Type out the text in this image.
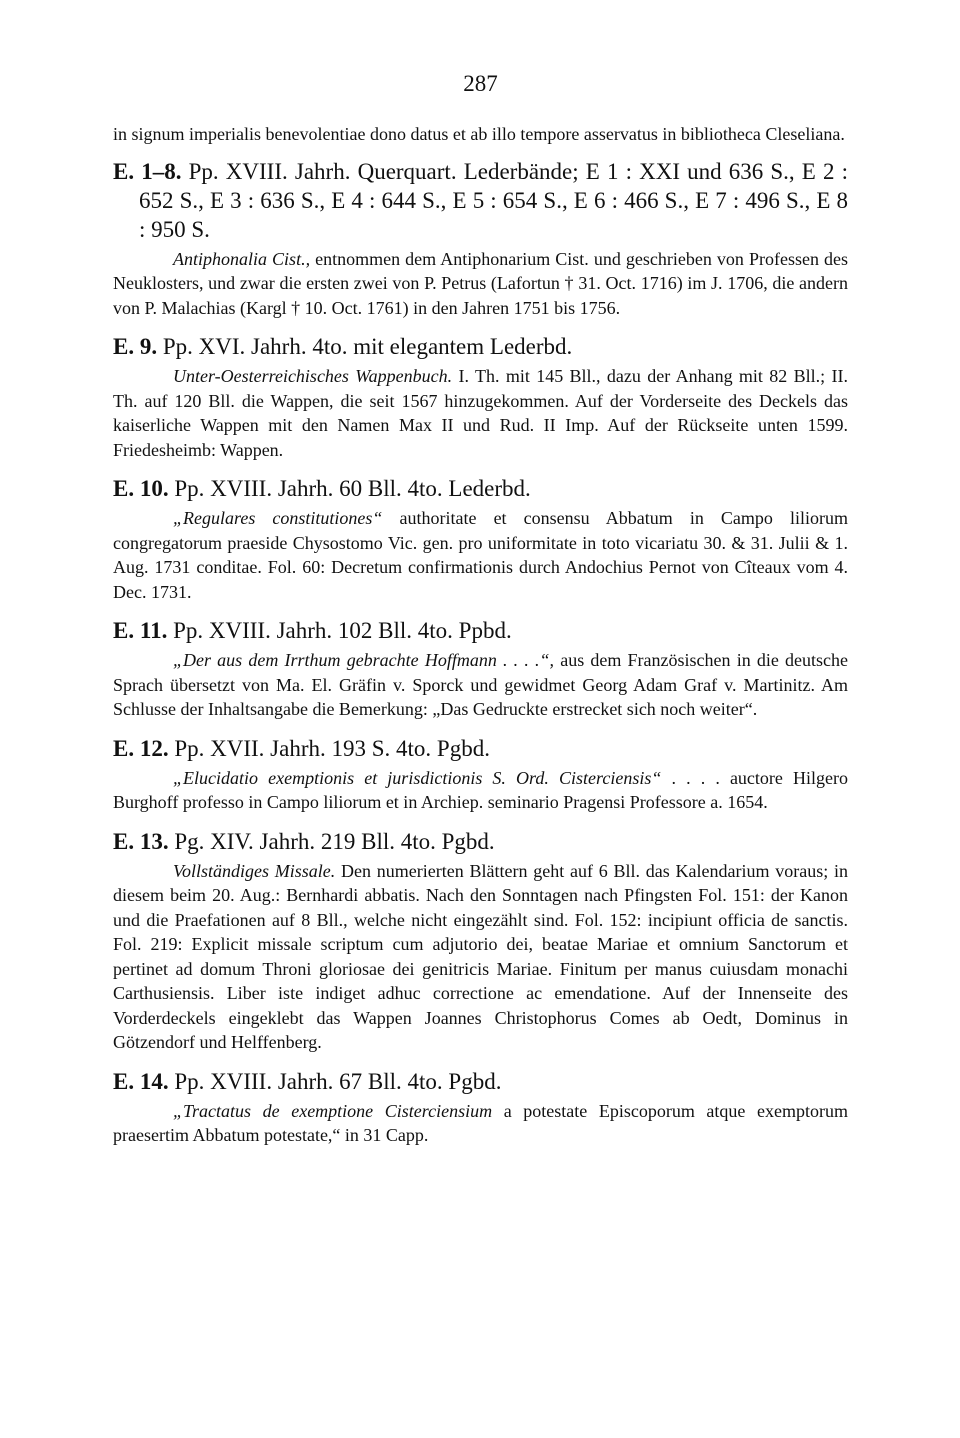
287

in signum imperialis benevolentiae dono datus et ab illo tempore asservatus in bibliotheca Cleseliana.

E. 1–8. Pp. XVIII. Jahrh. Querquart. Lederbände; E 1 : XXI und 636 S., E 2 : 652 S., E 3 : 636 S., E 4 : 644 S., E 5 : 654 S., E 6 : 466 S., E 7 : 496 S., E 8 : 950 S.

Antiphonalia Cist., entnommen dem Antiphonarium Cist. und geschrieben von Professen des Neuklosters, und zwar die ersten zwei von P. Petrus (Lafortun † 31. Oct. 1716) im J. 1706, die andern von P. Malachias (Kargl † 10. Oct. 1761) in den Jahren 1751 bis 1756.

E. 9. Pp. XVI. Jahrh. 4to. mit elegantem Lederbd.

Unter-Oesterreichisches Wappenbuch. I. Th. mit 145 Bll., dazu der Anhang mit 82 Bll.; II. Th. auf 120 Bll. die Wappen, die seit 1567 hinzugekommen. Auf der Vorderseite des Deckels das kaiserliche Wappen mit den Namen Max II und Rud. II Imp. Auf der Rückseite unten 1599. Friedesheimb: Wappen.

E. 10. Pp. XVIII. Jahrh. 60 Bll. 4to. Lederbd.

„Regulares constitutiones“ authoritate et consensu Abbatum in Campo liliorum congregatorum praeside Chysostomo Vic. gen. pro uniformitate in toto vicariatu 30. & 31. Julii & 1. Aug. 1731 conditae. Fol. 60: Decretum confirmationis durch Andochius Pernot von Cîteaux vom 4. Dec. 1731.

E. 11. Pp. XVIII. Jahrh. 102 Bll. 4to. Ppbd.

„Der aus dem Irrthum gebrachte Hoffmann . . . .“, aus dem Französischen in die deutsche Sprach übersetzt von Ma. El. Gräfin v. Sporck und gewidmet Georg Adam Graf v. Martinitz. Am Schlusse der Inhaltsangabe die Bemerkung: „Das Gedruckte erstrecket sich noch weiter“.

E. 12. Pp. XVII. Jahrh. 193 S. 4to. Pgbd.

„Elucidatio exemptionis et jurisdictionis S. Ord. Cisterciensis“ . . . . auctore Hilgero Burghoff professo in Campo liliorum et in Archiep. seminario Pragensi Professore a. 1654.

E. 13. Pg. XIV. Jahrh. 219 Bll. 4to. Pgbd.

Vollständiges Missale. Den numerierten Blättern geht auf 6 Bll. das Kalendarium voraus; in diesem beim 20. Aug.: Bernhardi abbatis. Nach den Sonntagen nach Pfingsten Fol. 151: der Kanon und die Praefationen auf 8 Bll., welche nicht eingezählt sind. Fol. 152: incipiunt officia de sanctis. Fol. 219: Explicit missale scriptum cum adjutorio dei, beatae Mariae et omnium Sanctorum et pertinet ad domum Throni gloriosae dei genitricis Mariae. Finitum per manus cuiusdam monachi Carthusiensis. Liber iste indiget adhuc correctione ac emendatione. Auf der Innenseite des Vorderdeckels eingeklebt das Wappen Joannes Christophorus Comes ab Oedt, Dominus in Götzendorf und Helffenberg.

E. 14. Pp. XVIII. Jahrh. 67 Bll. 4to. Pgbd.

„Tractatus de exemptione Cisterciensium a potestate Episcoporum atque exemptorum praesertim Abbatum potestate,“ in 31 Capp.
